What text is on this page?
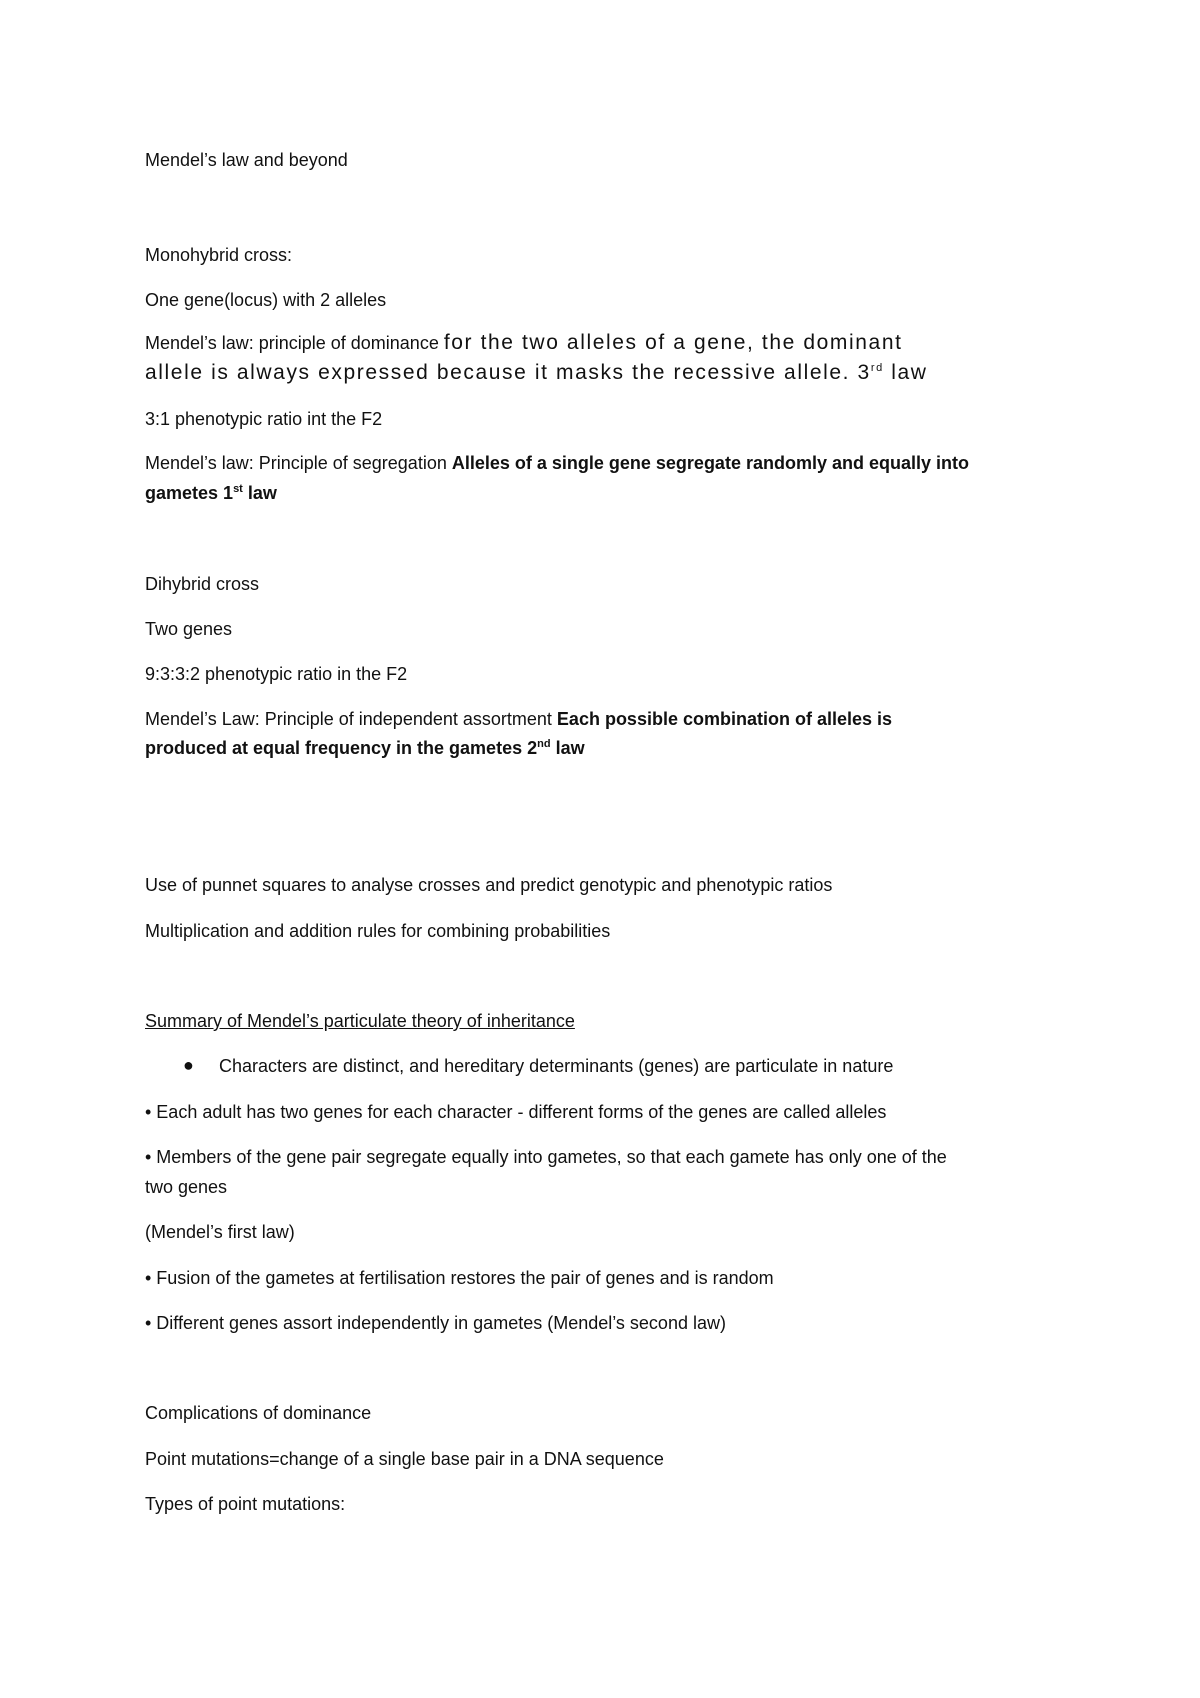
Mendel’s law and beyond
Monohybrid cross:
One gene(locus) with 2 alleles
Mendel’s law: principle of dominance for the two alleles of a gene, the dominant
allele is always expressed because it masks the recessive allele. 3rd law
3:1 phenotypic ratio int the F2
Mendel’s law: Principle of segregation Alleles of a single gene segregate randomly and equally into
gametes 1st law
Dihybrid cross
Two genes
9:3:3:2 phenotypic ratio in the F2
Mendel’s Law: Principle of independent assortment Each possible combination of alleles is
produced at equal frequency in the gametes 2nd law
Use of punnet squares to analyse crosses and predict genotypic and phenotypic ratios
Multiplication and addition rules for combining probabilities
Summary of Mendel’s particulate theory of inheritance
● Characters are distinct, and hereditary determinants (genes) are particulate in nature
• Each adult has two genes for each character - different forms of the genes are called alleles
• Members of the gene pair segregate equally into gametes, so that each gamete has only one of the
two genes
(Mendel’s first law)
• Fusion of the gametes at fertilisation restores the pair of genes and is random
• Different genes assort independently in gametes (Mendel’s second law)
Complications of dominance
Point mutations=change of a single base pair in a DNA sequence
Types of point mutations:
